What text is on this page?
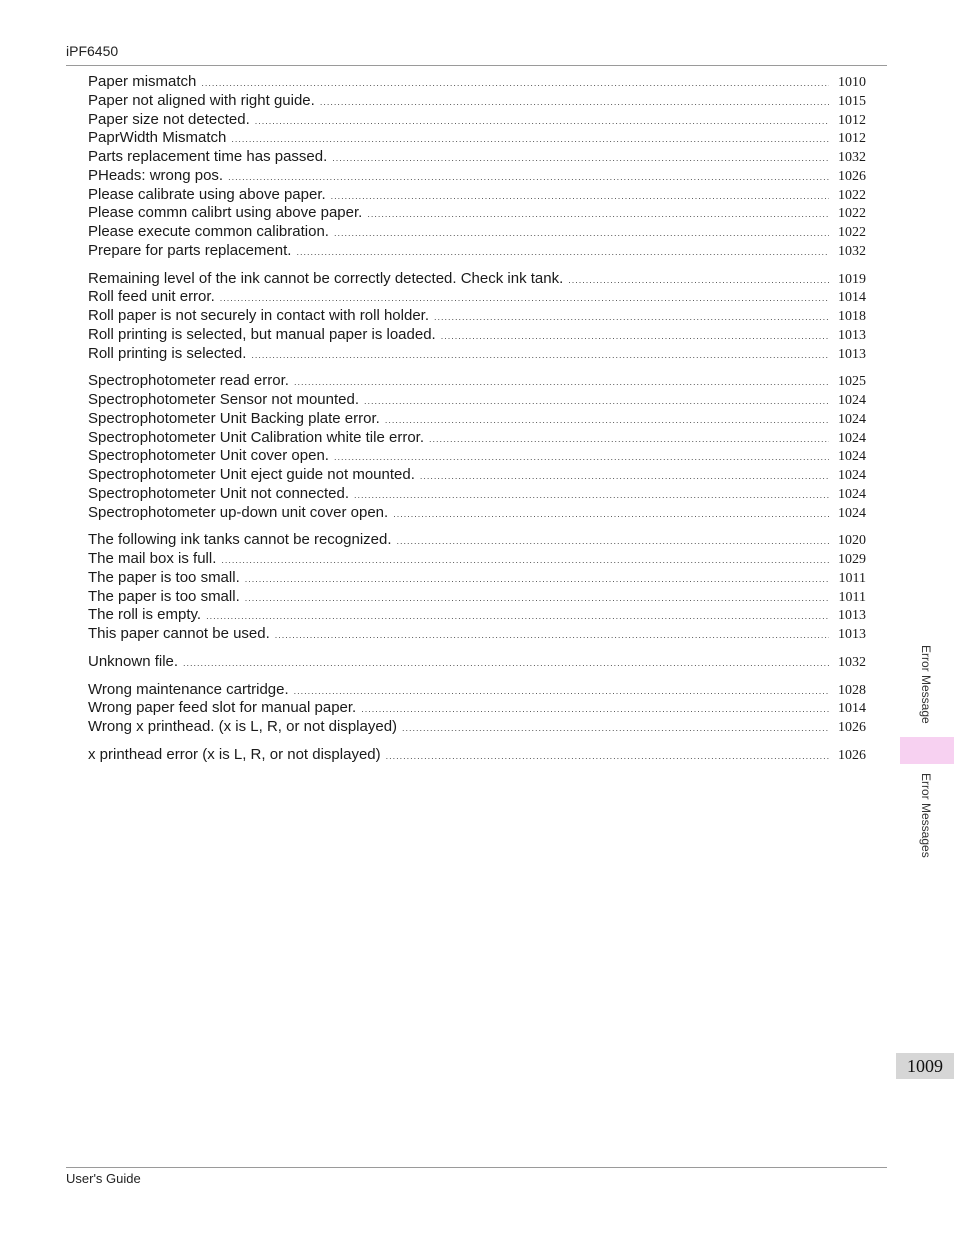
iPF6450
Paper mismatch .....	1010
Paper not aligned with right guide. .....	1015
Paper size not detected. .....	1012
PaprWidth Mismatch .....	1012
Parts replacement time has passed. .....	1032
PHeads: wrong pos. .....	1026
Please calibrate using above paper. .....	1022
Please commn calibrt using above paper. .....	1022
Please execute common calibration. .....	1022
Prepare for parts replacement. .....	1032
Remaining level of the ink cannot be correctly detected. Check ink tank. .....	1019
Roll feed unit error. .....	1014
Roll paper is not securely in contact with roll holder. .....	1018
Roll printing is selected, but manual paper is loaded. .....	1013
Roll printing is selected. .....	1013
Spectrophotometer read error. .....	1025
Spectrophotometer Sensor not mounted. .....	1024
Spectrophotometer Unit Backing plate error. .....	1024
Spectrophotometer Unit Calibration white tile error. .....	1024
Spectrophotometer Unit cover open. .....	1024
Spectrophotometer Unit eject guide not mounted. .....	1024
Spectrophotometer Unit not connected. .....	1024
Spectrophotometer up-down unit cover open. .....	1024
The following ink tanks cannot be recognized. .....	1020
The mail box is full. .....	1029
The paper is too small. .....	1011
The paper is too small. .....	1011
The roll is empty. .....	1013
This paper cannot be used. .....	1013
Unknown file. .....	1032
Wrong maintenance cartridge. .....	1028
Wrong paper feed slot for manual paper. .....	1014
Wrong x printhead. (x is L, R, or not displayed) .....	1026
x printhead error (x is L, R, or not displayed) .....	1026
Error Message
Error Messages
1009
User's Guide
